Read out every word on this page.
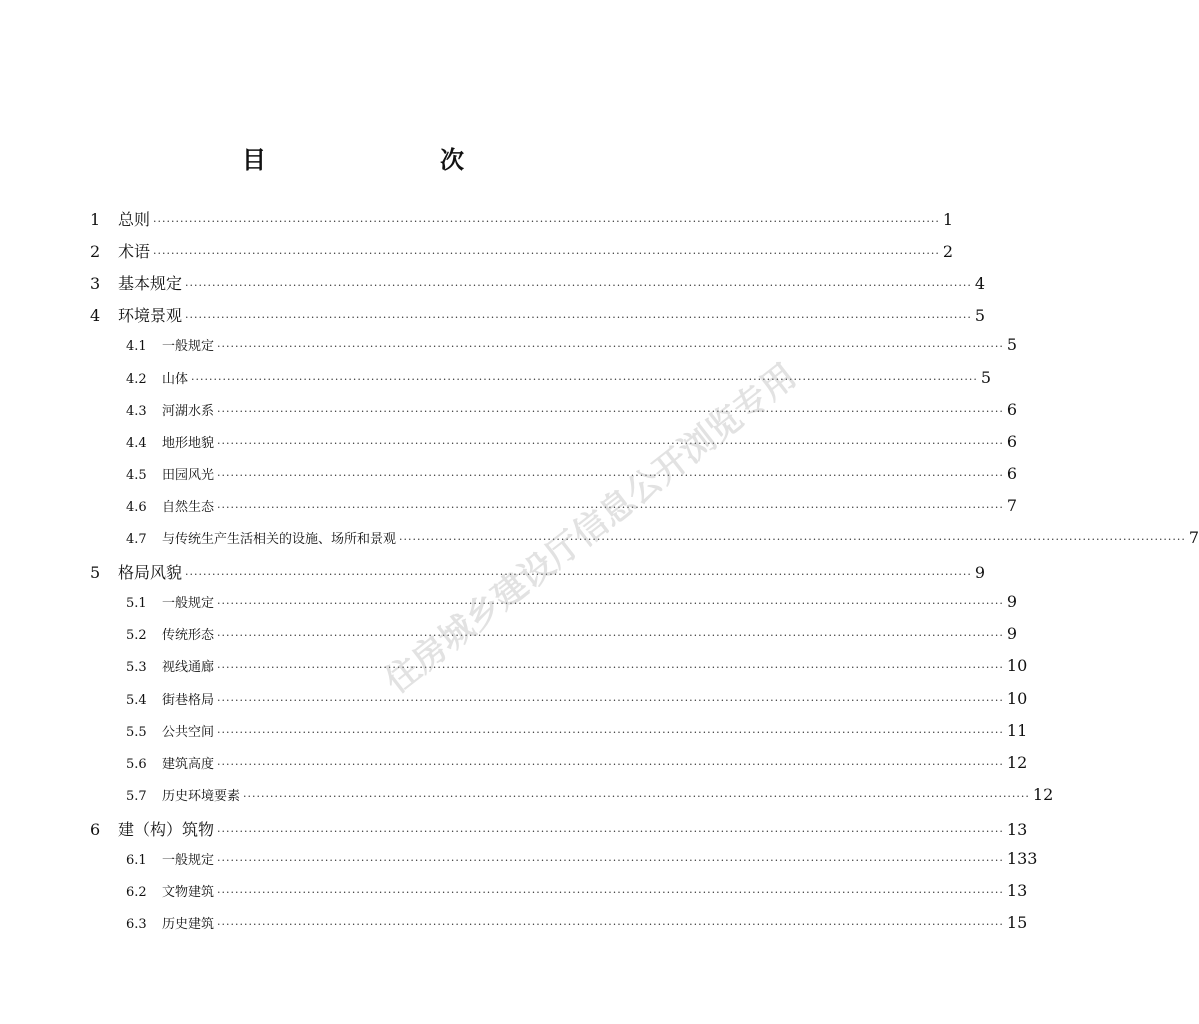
目　　次
1	总则 ·····	1
2	术语 ·····	2
3	基本规定 ·····	4
4	环境景观 ·····	5
4.1	一般规定 ·····	5
4.2	山体 ·····	5
4.3	河湖水系 ·····	6
4.4	地形地貌 ·····	6
4.5	田园风光 ·····	6
4.6	自然生态 ·····	7
4.7	与传统生产生活相关的设施、场所和景观 ·····	7
5	格局风貌 ·····	9
5.1	一般规定 ·····	9
5.2	传统形态 ·····	9
5.3	视线通廊 ·····	10
5.4	街巷格局 ·····	10
5.5	公共空间 ·····	11
5.6	建筑高度 ·····	12
5.7	历史环境要素 ·····	12
6	建（构）筑物 ·····	13
6.1	一般规定 ·····	133
6.2	文物建筑 ·····	13
6.3	历史建筑 ·····	15
住房城乡建设厅信息公开浏览专用
